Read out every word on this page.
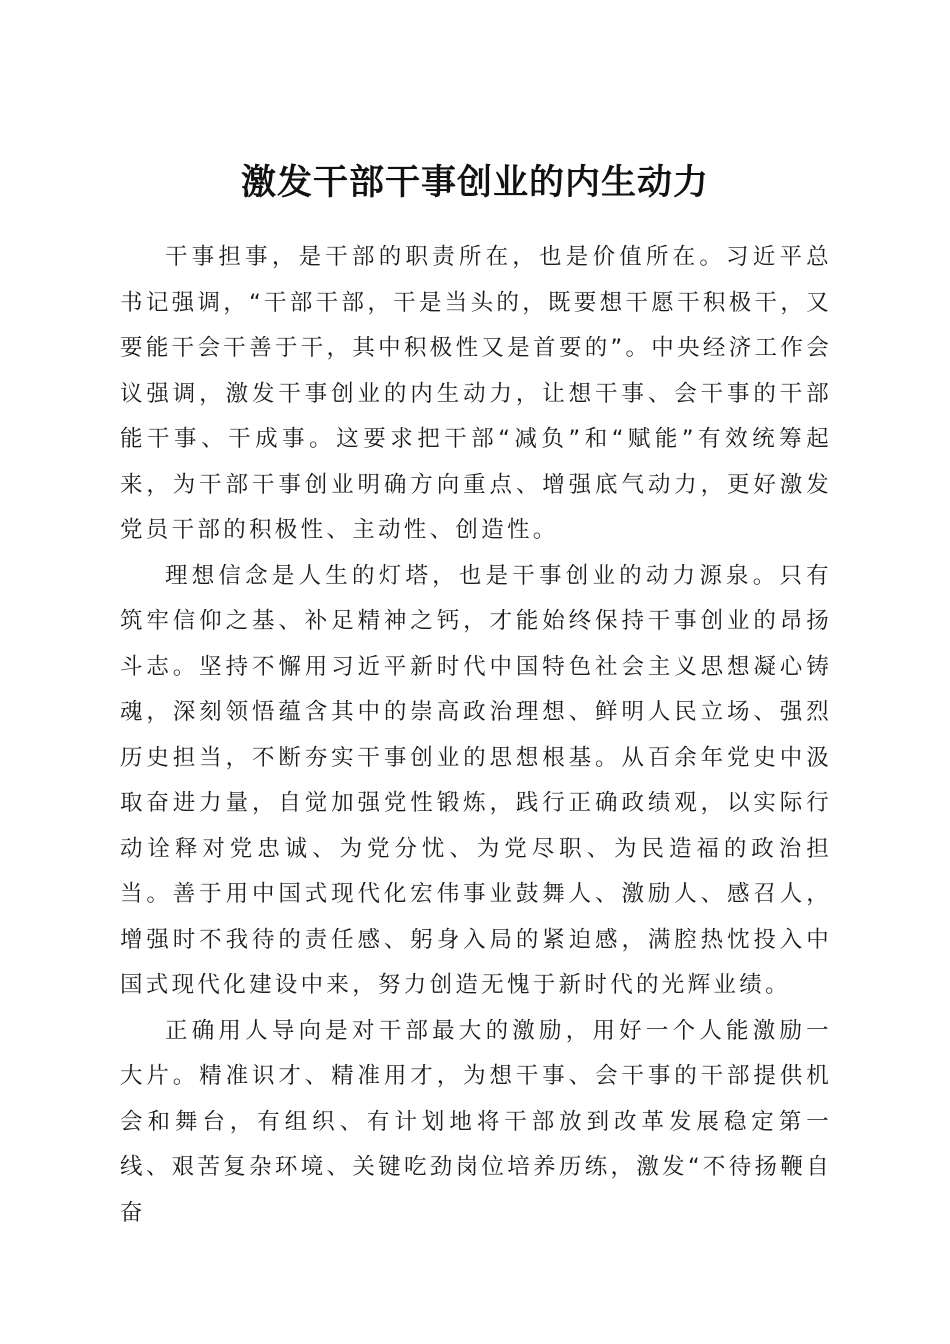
激发干部干事创业的内生动力

干事担事，是干部的职责所在，也是价值所在。习近平总书记强调，“干部干部，干是当头的，既要想干愿干积极干，又要能干会干善于干，其中积极性又是首要的”。中央经济工作会议强调，激发干事创业的内生动力，让想干事、会干事的干部能干事、干成事。这要求把干部“减负”和“赋能”有效统筹起来，为干部干事创业明确方向重点、增强底气动力，更好激发党员干部的积极性、主动性、创造性。

理想信念是人生的灯塔，也是干事创业的动力源泉。只有筑牢信仰之基、补足精神之钙，才能始终保持干事创业的昂扬斗志。坚持不懈用习近平新时代中国特色社会主义思想凝心铸魂，深刻领悟蕴含其中的崇高政治理想、鲜明人民立场、强烈历史担当，不断夯实干事创业的思想根基。从百余年党史中汲取奋进力量，自觉加强党性锻炼，践行正确政绩观，以实际行动诠释对党忠诚、为党分忧、为党尽职、为民造福的政治担当。善于用中国式现代化宏伟事业鼓舞人、激励人、感召人，增强时不我待的责任感、躬身入局的紧迫感，满腔热忱投入中国式现代化建设中来，努力创造无愧于新时代的光辉业绩。

正确用人导向是对干部最大的激励，用好一个人能激励一大片。精准识才、精准用才，为想干事、会干事的干部提供机会和舞台，有组织、有计划地将干部放到改革发展稳定第一线、艰苦复杂环境、关键吃劲岗位培养历练，激发“不待扬鞭自奋
